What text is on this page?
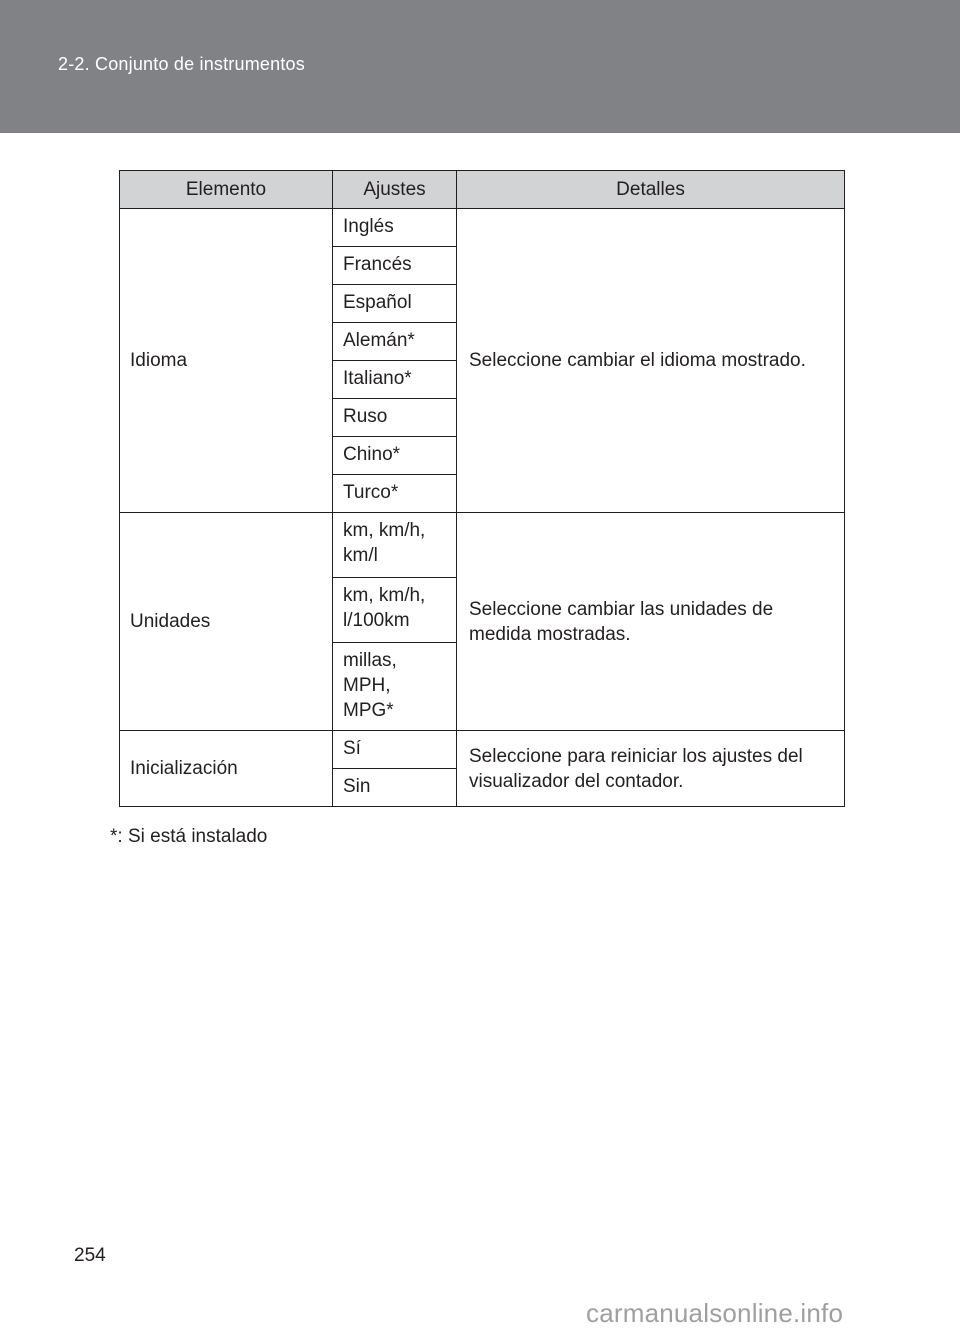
2-2. Conjunto de instrumentos
Elemento	Ajustes	Detalles
Idioma	Inglés	Seleccione cambiar el idioma mostrado.
	Francés	
	Español	
	Alemán*	
	Italiano*	
	Ruso	
	Chino*	
	Turco*	
Unidades	km, km/h, km/l	Seleccione cambiar las unidades de medida mostradas.
	km, km/h, l/100km	
	millas, MPH, MPG*	
Inicialización	Sí	Seleccione para reiniciar los ajustes del visualizador del contador.
	Sin	
*: Si está instalado
254
carmanualsonline.info
